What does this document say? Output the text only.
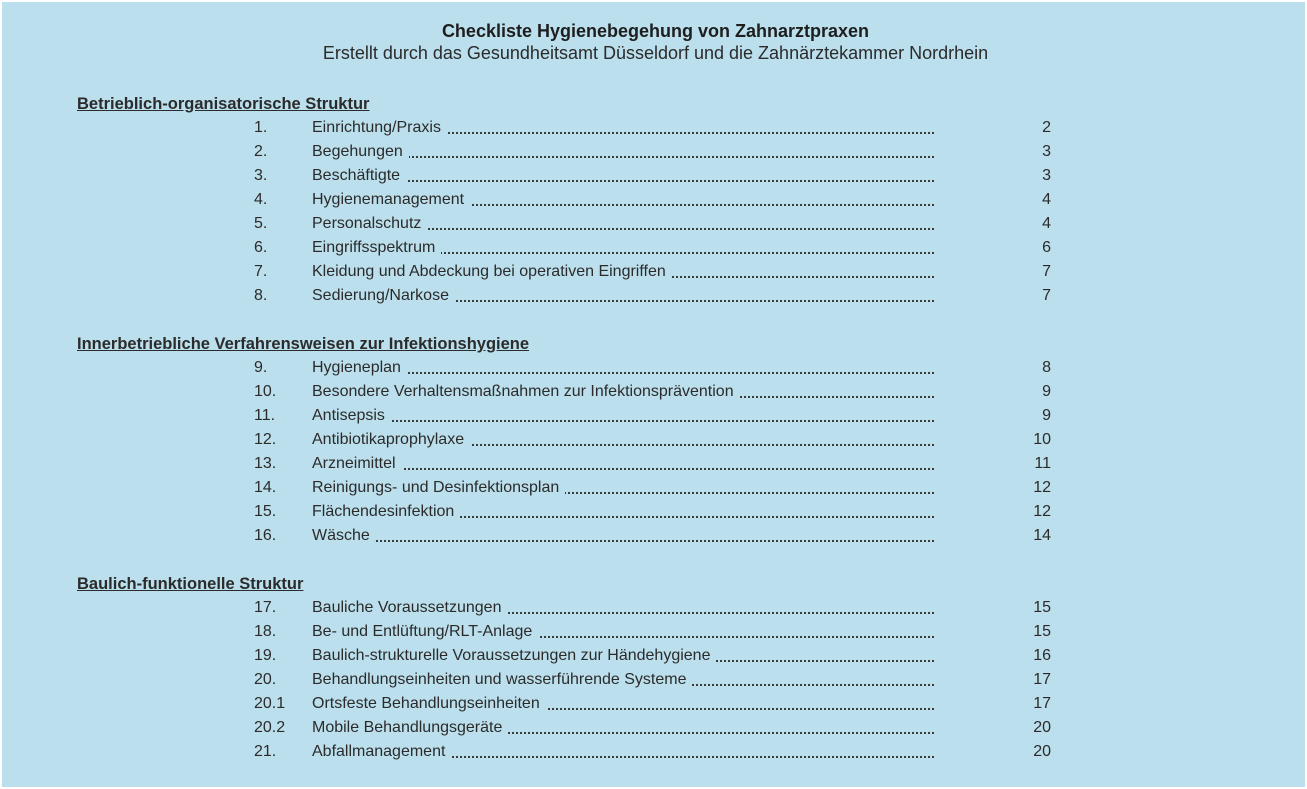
Checkliste Hygienebegehung von Zahnarztpraxen
Erstellt durch das Gesundheitsamt Düsseldorf und die Zahnärztekammer Nordrhein
Betrieblich-organisatorische Struktur
1.	Einrichtung/Praxis	2
2.	Begehungen	3
3.	Beschäftigte	3
4.	Hygienemanagement	4
5.	Personalschutz	4
6.	Eingriffsspektrum	6
7.	Kleidung und Abdeckung bei operativen Eingriffen	7
8.	Sedierung/Narkose	7
Innerbetriebliche Verfahrensweisen zur Infektionshygiene
9.	Hygieneplan	8
10. Besondere Verhaltensmaßnahmen zur Infektionsprävention	9
11. Antisepsis	9
12. Antibiotikaprophylaxe	10
13. Arzneimittel	11
14. Reinigungs- und Desinfektionsplan	12
15. Flächendesinfektion	12
16. Wäsche	14
Baulich-funktionelle Struktur
17. Bauliche Voraussetzungen	15
18. Be- und Entlüftung/RLT-Anlage	15
19. Baulich-strukturelle Voraussetzungen zur Händehygiene	16
20. Behandlungseinheiten und wasserführende Systeme	17
20.1 Ortsfeste Behandlungseinheiten	17
20.2 Mobile Behandlungsgeräte	20
21. Abfallmanagement	20
